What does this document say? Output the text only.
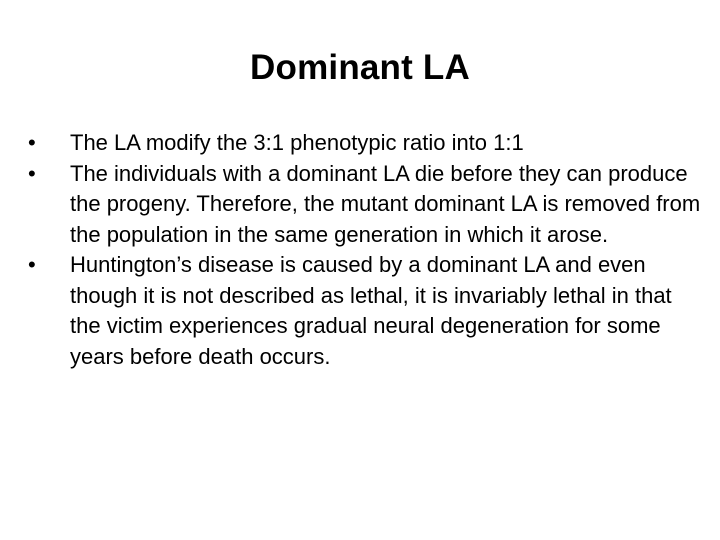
Dominant LA
•	The LA modify the 3:1 phenotypic ratio into 1:1
•	The individuals with a dominant LA die before they can produce the progeny. Therefore, the mutant dominant LA is removed from the population in the same generation in which it arose.
•	Huntington’s disease is caused by a dominant LA and even though it is not described as lethal, it is invariably lethal in that the victim experiences gradual neural degeneration for some years before death occurs.
